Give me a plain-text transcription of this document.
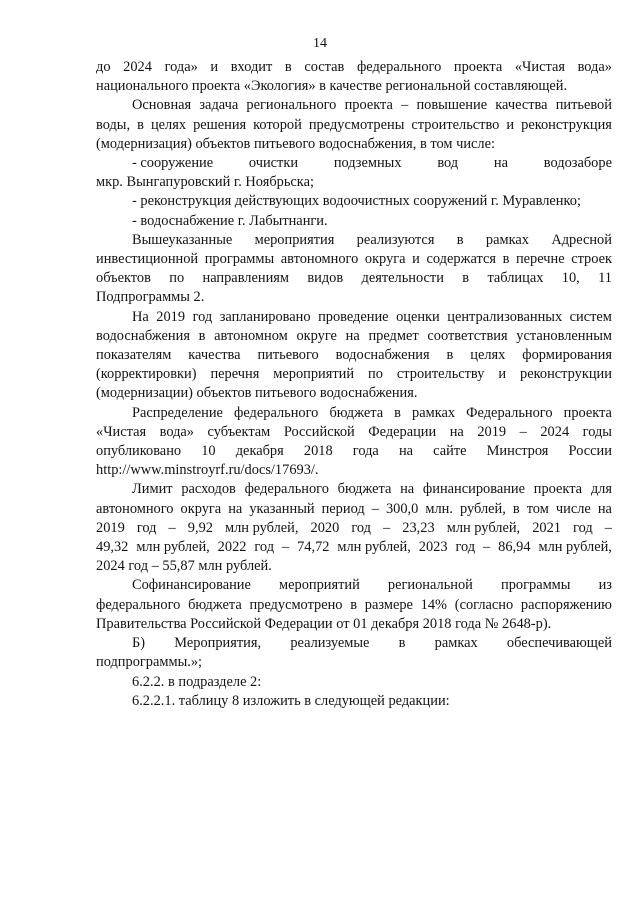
14
до 2024 года» и входит в состав федерального проекта «Чистая вода»
национального проекта «Экология» в качестве региональной составляющей.
Основная задача регионального проекта – повышение качества питьевой
воды, в целях решения которой предусмотрены строительство и реконструкция
(модернизация) объектов питьевого водоснабжения, в том числе:
- сооружение очистки подземных вод на водозаборе
мкр. Вынгапуровский г. Ноябрьска;
- реконструкция действующих водоочистных сооружений г. Муравленко;
- водоснабжение г. Лабытнанги.
Вышеуказанные мероприятия реализуются в рамках Адресной
инвестиционной программы автономного округа и содержатся в перечне строек
объектов по направлениям видов деятельности в таблицах 10, 11
Подпрограммы 2.
На 2019 год запланировано проведение оценки централизованных систем
водоснабжения в автономном округе на предмет соответствия установленным
показателям качества питьевого водоснабжения в целях формирования
(корректировки) перечня мероприятий по строительству и реконструкции
(модернизации) объектов питьевого водоснабжения.
Распределение федерального бюджета в рамках Федерального проекта
«Чистая вода» субъектам Российской Федерации на 2019 – 2024 годы
опубликовано 10 декабря 2018 года на сайте Минстроя России
http://www.minstroyrf.ru/docs/17693/.
Лимит расходов федерального бюджета на финансирование проекта для
автономного округа на указанный период – 300,0 млн. рублей, в том числе на
2019 год – 9,92 млн рублей, 2020 год – 23,23 млн рублей, 2021 год –
49,32 млн рублей, 2022 год – 74,72 млн рублей, 2023 год – 86,94 млн рублей,
2024 год – 55,87 млн рублей.
Софинансирование мероприятий региональной программы из
федерального бюджета предусмотрено в размере 14% (согласно распоряжению
Правительства Российской Федерации от 01 декабря 2018 года № 2648-р).
Б) Мероприятия, реализуемые в рамках обеспечивающей
подпрограммы.»;
6.2.2. в подразделе 2:
6.2.2.1. таблицу 8 изложить в следующей редакции:
